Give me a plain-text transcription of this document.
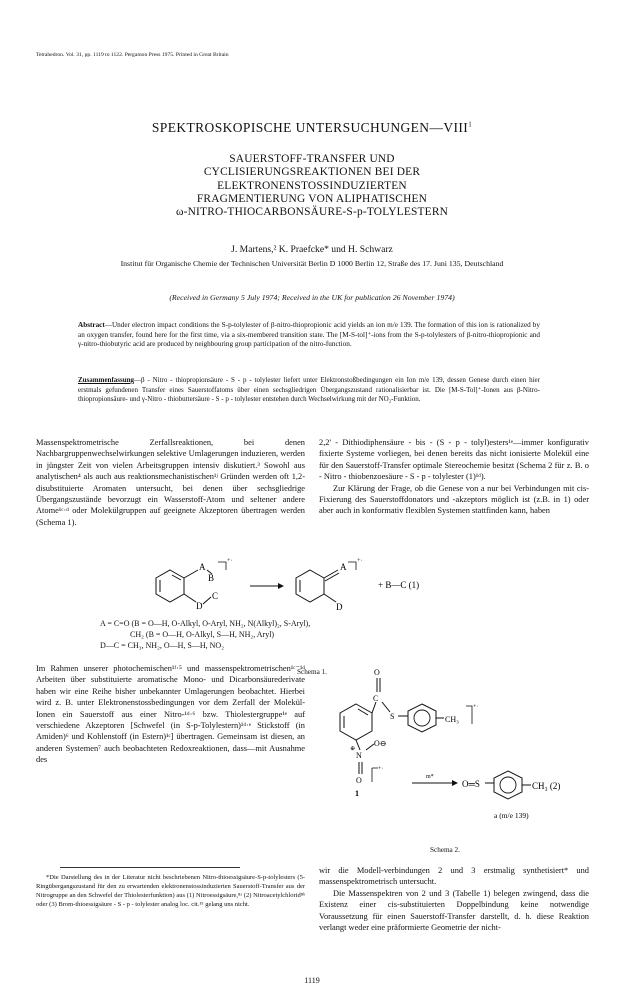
Tetrahedron. Vol. 31, pp. 1119 to 1122. Pergamon Press 1975. Printed in Great Britain
SPEKTROSKOPISCHE UNTERSUCHUNGEN—VIII$^1$
SAUERSTOFF-TRANSFER UND
CYCLISIERUNGSREAKTIONEN BEI DER
ELEKTRONENSTOSSINDUZIERTEN
FRAGMENTIERUNG VON ALIPHATISCHEN
ω-NITRO-THIOCARBONSÄURE-S-p-TOLYLESTERN
J. Martens,² K. Praefcke* und H. Schwarz
Institut für Organische Chemie der Technischen Universität Berlin D 1000 Berlin 12, Straße des 17. Juni 135, Deutschland
(Received in Germany 5 July 1974; Received in the UK for publication 26 November 1974)
Abstract—Under electron impact conditions the S-p-tolylester of β-nitro-thiopropionic acid yields an ion m/e 139. The formation of this ion is rationalized by an oxygen transfer, found here for the first time, via a six-membered transition state. The [M-S-tol]⁺-ions from the S-p-tolylesters of β-nitro-thiopropionic and γ-nitro-thiobutyric acid are produced by neighbouring group participation of the nitro-function.
Zusammenfassung—β - Nitro - thiopropionsäure - S - p - tolylester liefert unter Elektronstoßbedingungen ein Ion m/e 139, dessen Genese durch einen hier erstmals gefundenen Transfer eines Sauerstoffatoms über einen sechsgliedrigen Übergangszustand rationalisierbar ist. Die [M-S-Tol]⁺-Ionen aus β-Nitro-thiopropionsäure- und γ-Nitro - thiobuttersäure - S - p - tolylester entstehen durch Wechselwirkung mit der NO₂-Funktion.
Massenspektrometrische Zerfallsreaktionen, bei denen Nachbargruppenwechselwirkungen selektive Umlagerungen induzieren, werden in jüngster Zeit von vielen Arbeitsgruppen intensiv diskutiert.³ Sowohl aus analytischen⁴ als auch aus reaktionsmechanistischen¹ʲ Gründen werden oft 1,2-disubstituierte Aromaten untersucht, bei denen über sechsgliedrige Übergangszustände bevorzugt ein Wasserstoff-Atom und seltener andere Atome¹ᶜ·ᵈ oder Molekülgruppen auf geeignete Akzeptoren übertragen werden (Schema 1).
2,2' - Dithiodiphensäure - bis - (S - p - tolyl)esters¹ᵉ—immer konfigurativ fixierte Systeme vorliegen, bei denen bereits das nicht ionisierte Molekül eine für den Sauerstoff-Transfer optimale Stereochemie besitzt (Schema 2 für z. B. o - Nitro - thiobenzoesäure - S - p - tolylester (1)¹ᵈ).
Zur Klärung der Frage, ob die Genese von a nur bei Verbindungen mit cis-Fixierung des Sauerstoffdonators und -akzeptors möglich ist (z.B. in 1) oder aber auch in konformativ flexiblen Systemen stattfinden kann, haben
A
B
D
C
+·
A
D
+·
+ B—C (1)
A = C=O (B = O—H, O-Alkyl, O-Aryl, NH₂, N(Alkyl)₂, S-Aryl),
CH₂ (B = O—H, O-Alkyl, S—H, NH₂, Aryl)
D—C = CH₃, NH₂, O—H, S—H, NO₂
Schema 1.
Im Rahmen unserer photochemischen¹ᶠ·⁵ und massenspektrometrischen¹ᶜ⁻¹ᵈ Arbeiten über substituierte aromatische Mono- und Dicarbonsäurederivate haben wir eine Reihe bisher unbekannter Umlagerungen beobachtet. Hierbei wird z. B. unter Elektronenstossbedingungen vor dem Zerfall der Molekül-Ionen ein Sauerstoff aus einer Nitro-¹ᵈ·⁶ bzw. Thiolestergruppe¹ᵉ auf verschiedene Akzeptoren [Schwefel (in S-p-Tolylestern)¹ᵈ·ᵉ Stickstoff (in Amiden)⁶ und Kohlenstoff (in Estern)¹ᶜ] übertragen. Gemeinsam ist diesen, an anderen Systemen⁷ auch beobachteten Redoxreaktionen, dass—mit Ausnahme des
*Die Darstellung des in der Literatur nicht beschriebenen Nitro-thioessigsäure-S-p-tolylesters (5-Ringübergangszustand für den zu erwartenden elektronenstossinduzierten Sauerstoff-Transfer aus der Nitrogruppe an den Schwefel der Thiolesterfunktion) aus (1) Nitroessigsäure,⁸ᵃ (2) Nitroacetylchlorid⁸ᵇ oder (3) Brom-thioessigsäure - S - p - tolylester analog loc. cit.¹⁵ gelang uns nicht.
C
O
S	CH₃
+·
N
⊕
O⊖
O
1
+·
m*
O═S	CH₃ (2)
a (m/e 139)
Schema 2.
wir die Modell-verbindungen 2 und 3 erstmalig synthetisiert* und massenspektrometrisch untersucht.
Die Massenspektren von 2 und 3 (Tabelle 1) belegen zwingend, dass die Existenz einer cis-substituierten Doppelbindung keine notwendige Voraussetzung für einen Sauerstoff-Transfer darstellt, d. h. diese Reaktion verlangt weder eine präformierte Geometrie der nicht-
1119
